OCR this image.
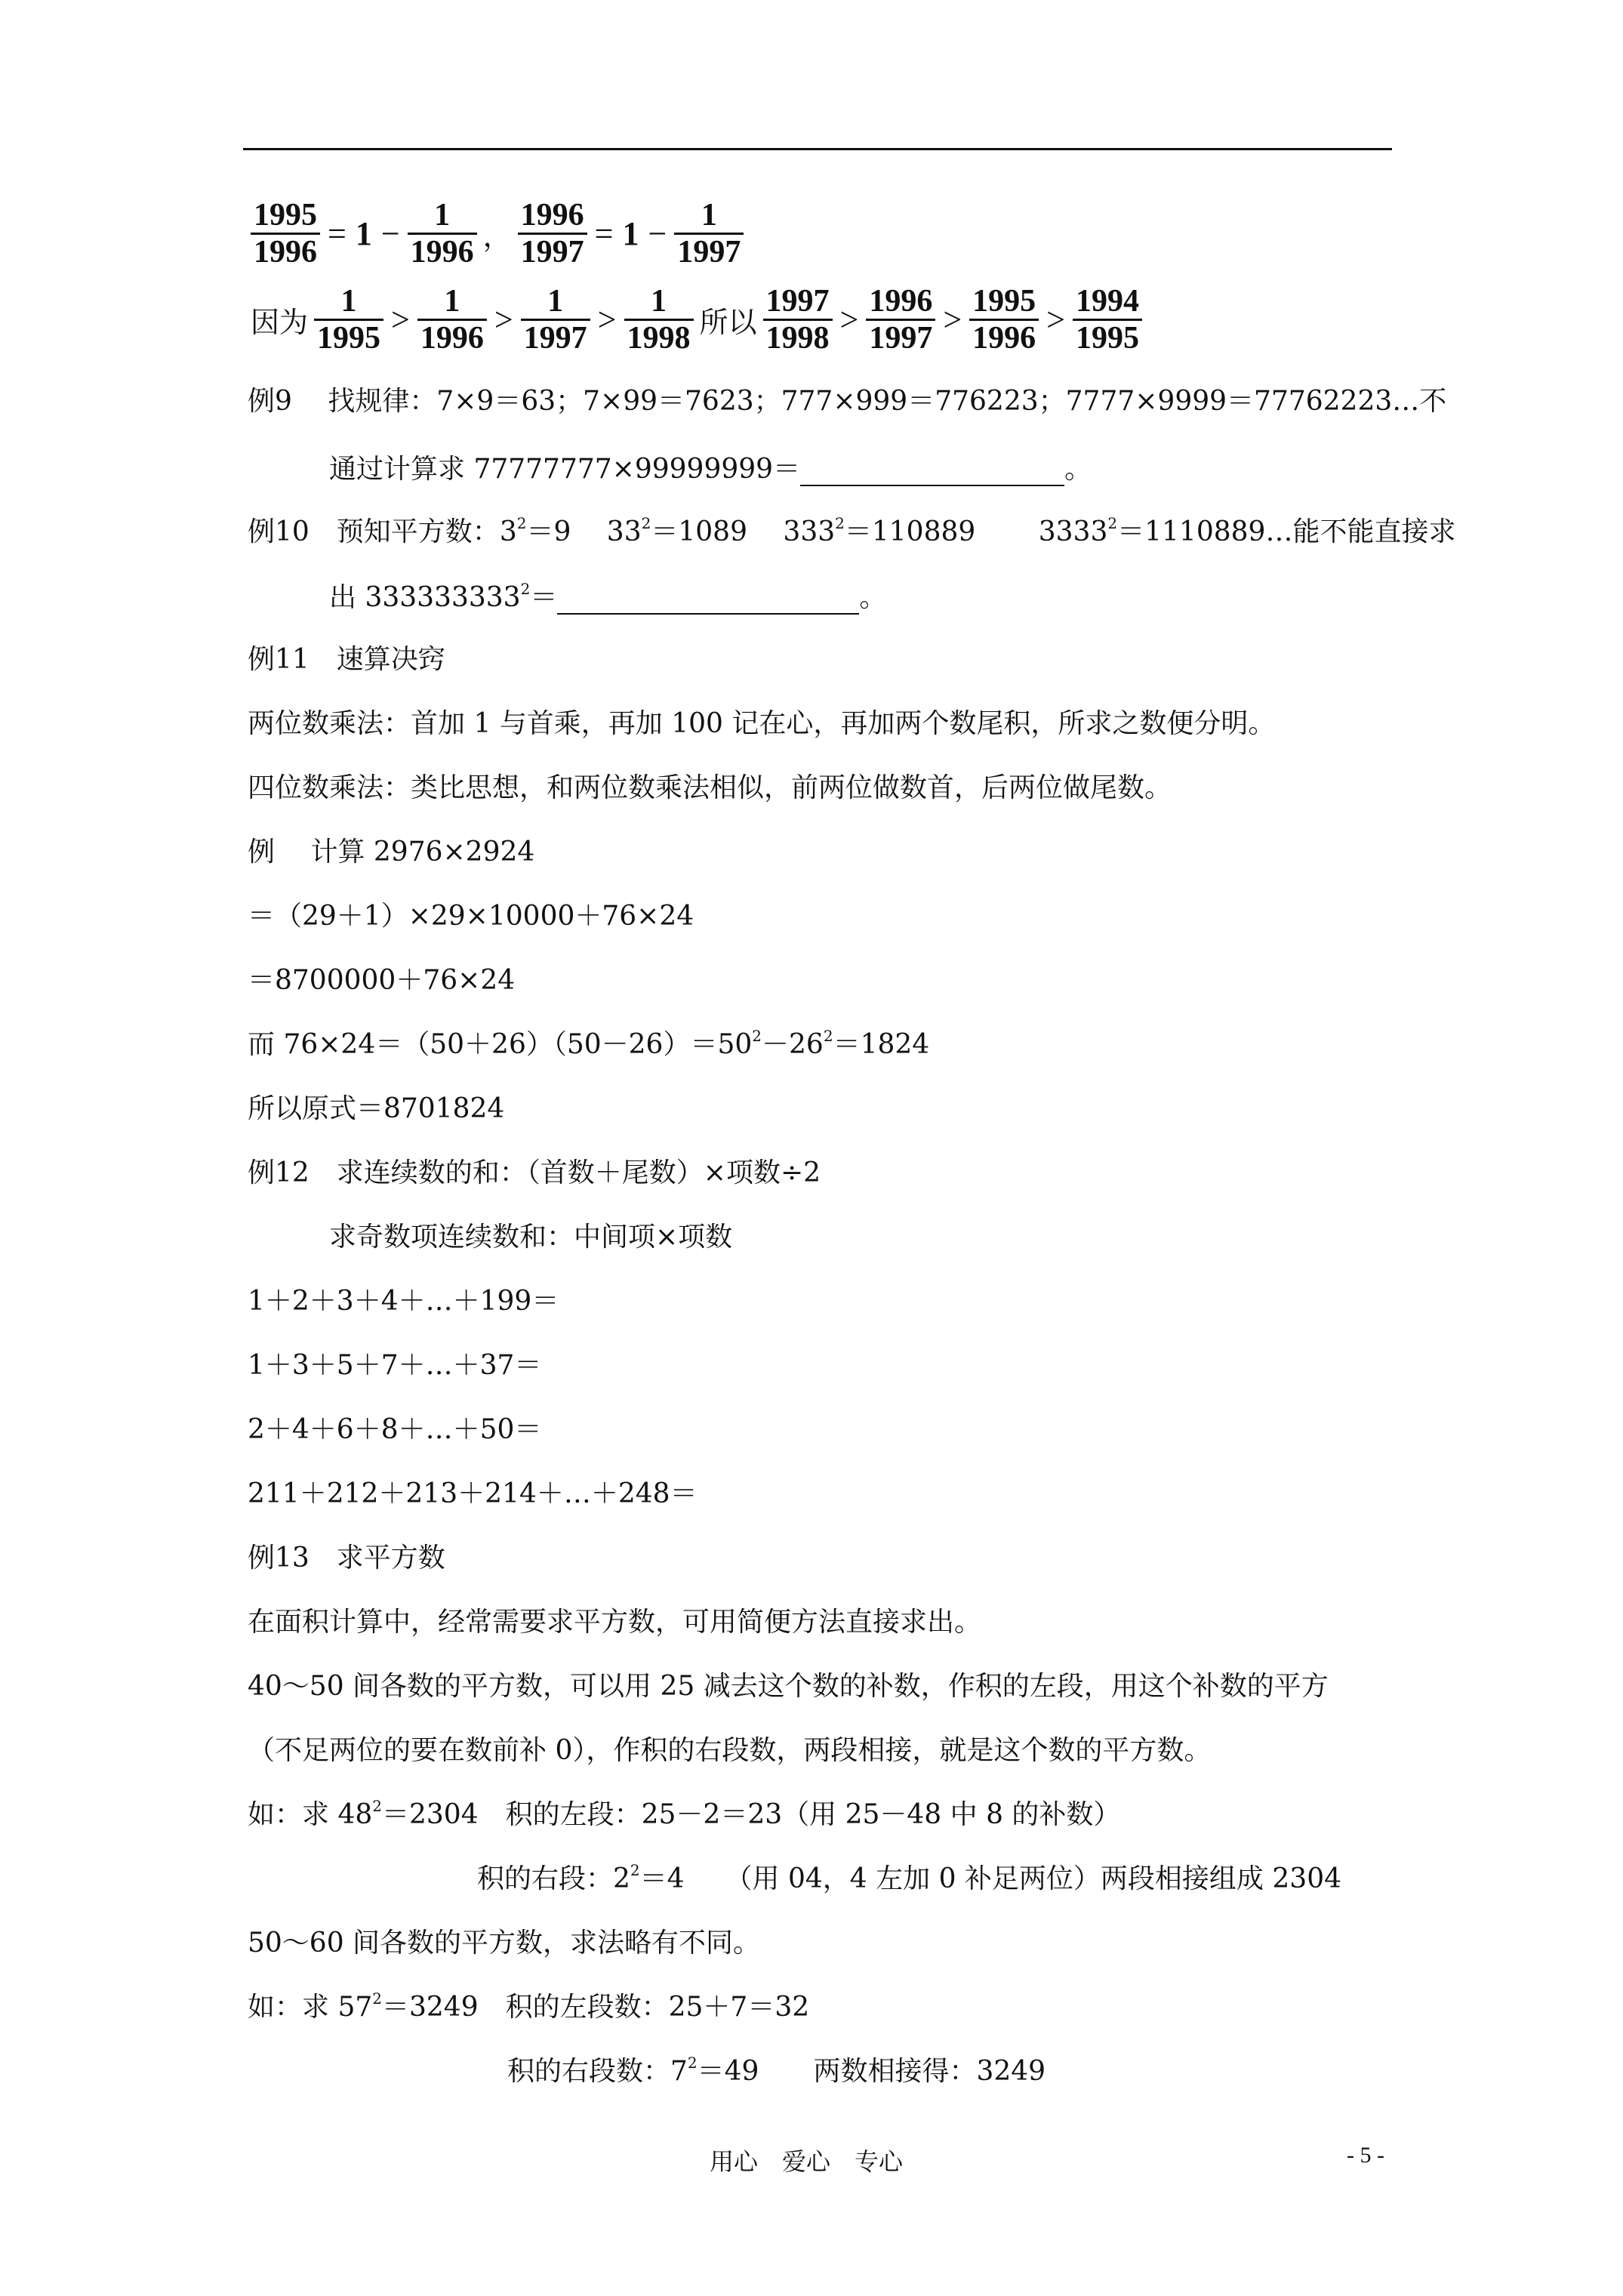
$\frac{1995}{1996} = 1 - \frac{1}{1996}$ ， $\frac{1996}{1997} = 1 - \frac{1}{1997}$
因为 $\frac{1}{1995} > \frac{1}{1996} > \frac{1}{1997} > \frac{1}{1998}$ 所以 $\frac{1997}{1998} > \frac{1996}{1997} > \frac{1995}{1996} > \frac{1994}{1995}$
例9　 找规律：7×9＝63；7×99＝7623；777×999＝776223；7777×9999＝77762223…不
通过计算求 77777777×99999999＝	。
例10　预知平方数：$3^2=9$　 $33^2=1089$　 $333^2=110889$　　 $3333^2=1110889\dots$能不能直接求
出 $333333333^2=$	。
例11　速算决窍
两位数乘法：首加 1 与首乘，再加 100 记在心，再加两个数尾积，所求之数便分明。
四位数乘法：类比思想，和两位数乘法相似，前两位做数首，后两位做尾数。
例　 计算 2976×2924
＝（29＋1）×29×10000＋76×24
＝8700000＋76×24
而 $76\times 24=(50+26)(50-26)=50^2-26^2=1824$
所以原式＝8701824
例12　求连续数的和：（首数＋尾数）×项数÷2
求奇数项连续数和：中间项×项数
1＋2＋3＋4＋…＋199＝
1＋3＋5＋7＋…＋37＝
2＋4＋6＋8＋…＋50＝
211＋212＋213＋214＋…＋248＝
例13　求平方数
在面积计算中，经常需要求平方数，可用简便方法直接求出。
40～50 间各数的平方数，可以用 25 减去这个数的补数，作积的左段，用这个补数的平方
（不足两位的要在数前补 0），作积的右段数，两段相接，就是这个数的平方数。
如：求 $48^2=2304$　积的左段：25－2＝23（用 25－48 中 8 的补数）
积的右段：$2^2=4$　　（用 04，4 左加 0 补足两位）两段相接组成 2304
50～60 间各数的平方数，求法略有不同。
如：求 $57^2=3249$　积的左段数：25＋7＝32
积的右段数：$7^2=49$　　两数相接得：3249
用心　爱心　专心	- 5 -
